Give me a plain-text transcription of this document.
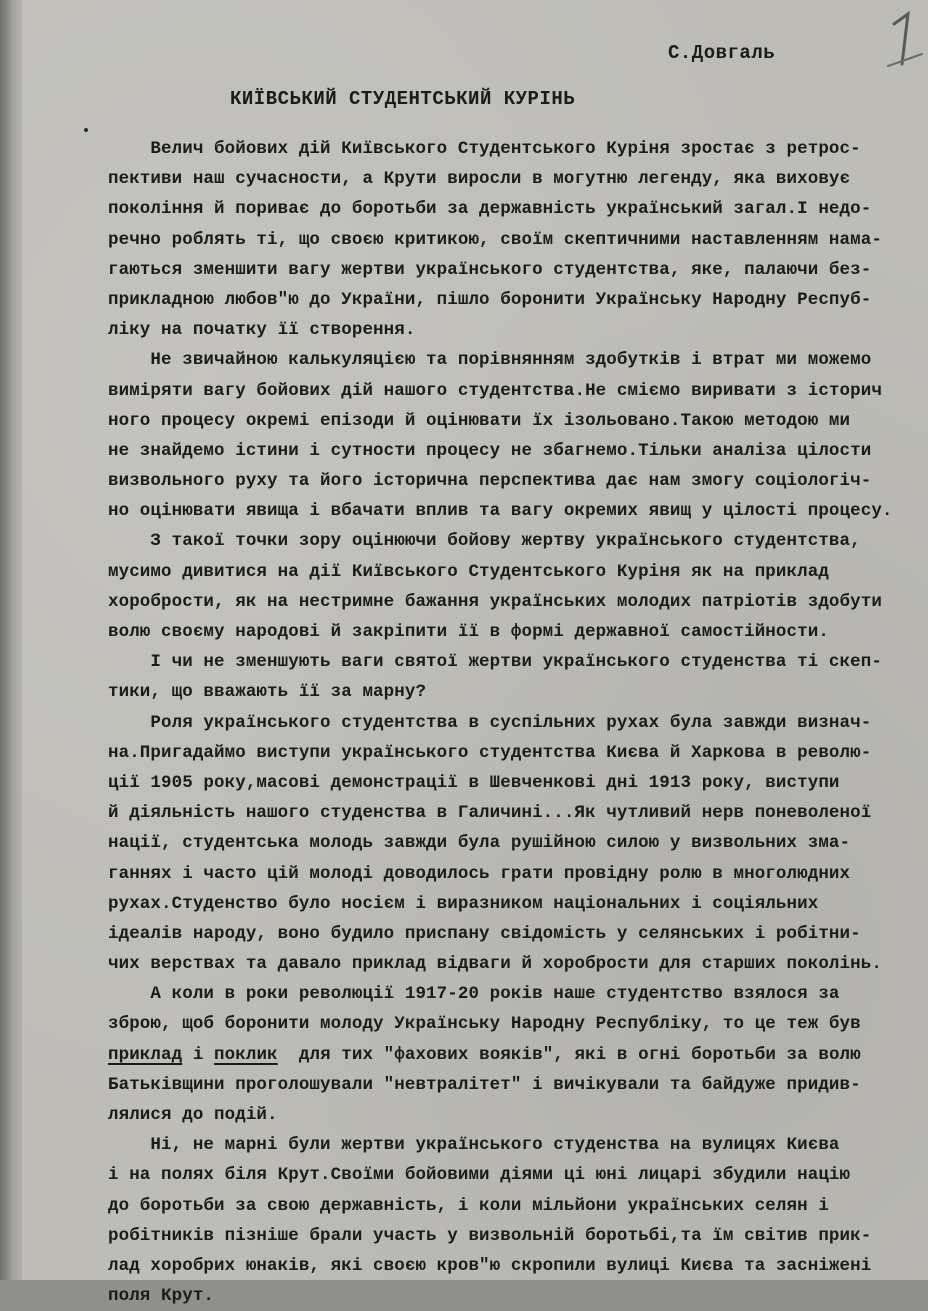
С.Довгаль
КИЇВСЬКИЙ СТУДЕНТСЬКИЙ КУРІНЬ
Велич бойових дій Київського Студентського Куріня зростає з ретрос-
пективи наш сучасности, а Крути виросли в могутню легенду, яка виховує
покоління й пориває до боротьби за державність український загал.І недо-
речно роблять ті, що своєю критикою, своїм скептичними наставленням нама-
гаються зменшити вагу жертви українського студентства, яке, палаючи без-
прикладною любов"ю до України, пішло боронити Українську Народну Респуб-
ліку на початку її створення.
Не звичайною калькуляцією та порівнянням здобутків і втрат ми можемо
виміряти вагу бойових дій нашого студентства.Не сміємо виривати з історич
ного процесу окремі епізоди й оцінювати їх ізольовано.Такою методою ми
не знайдемо істини і сутности процесу не збагнемо.Тільки аналіза цілости
визвольного руху та його історична перспектива дає нам змогу соціологіч-
но оцінювати явища і вбачати вплив та вагу окремих явищ у цілості процесу.
З такої точки зору оцінюючи бойову жертву українського студентства,
мусимо дивитися на дії Київського Студентського Куріня як на приклад
хоробрости, як на нестримне бажання українських молодих патріотів здобути
волю своєму народові й закріпити її в формі державної самостійности.
І чи не зменшують ваги святої жертви українського студенства ті скеп-
тики, що вважають її за марну?
Роля українського студентства в суспільних рухах була завжди визнач-
на.Пригадаймо виступи українського студентства Києва й Харкова в револю-
ції 1905 року,масові демонстрації в Шевченкові дні 1913 року, виступи
й діяльність нашого студенства в Галичині...Як чутливий нерв поневоленої
нації, студентська молодь завжди була рушійною силою у визвольних зма-
ганнях і часто цій молоді доводилось грати провідну ролю в многолюдних
рухах.Студенство було носієм і виразником національних і соціяльних
ідеалів народу, воно будило приспану свідомість у селянських і робітни-
чих верствах та давало приклад відваги й хоробрости для старших поколінь.
А коли в роки революції 1917-20 років наше студентство взялося за
зброю, щоб боронити молоду Українську Народну Республіку, то це теж був
приклад і поклик  для тих "фахових вояків", які в огні боротьби за волю
Батьківщини проголошували "невтралітет" і вичікували та байдуже придив-
лялися до подій.
Ні, не марні були жертви українського студенства на вулицях Києва
і на полях біля Крут.Своїми бойовими діями ці юні лицарі збудили націю
до боротьби за свою державність, і коли мільйони українських селян і
робітників пізніше брали участь у визвольній боротьбі,та їм світив прик-
лад хоробрих юнаків, які своєю кров"ю скропили вулиці Києва та засніжені
поля Крут.
